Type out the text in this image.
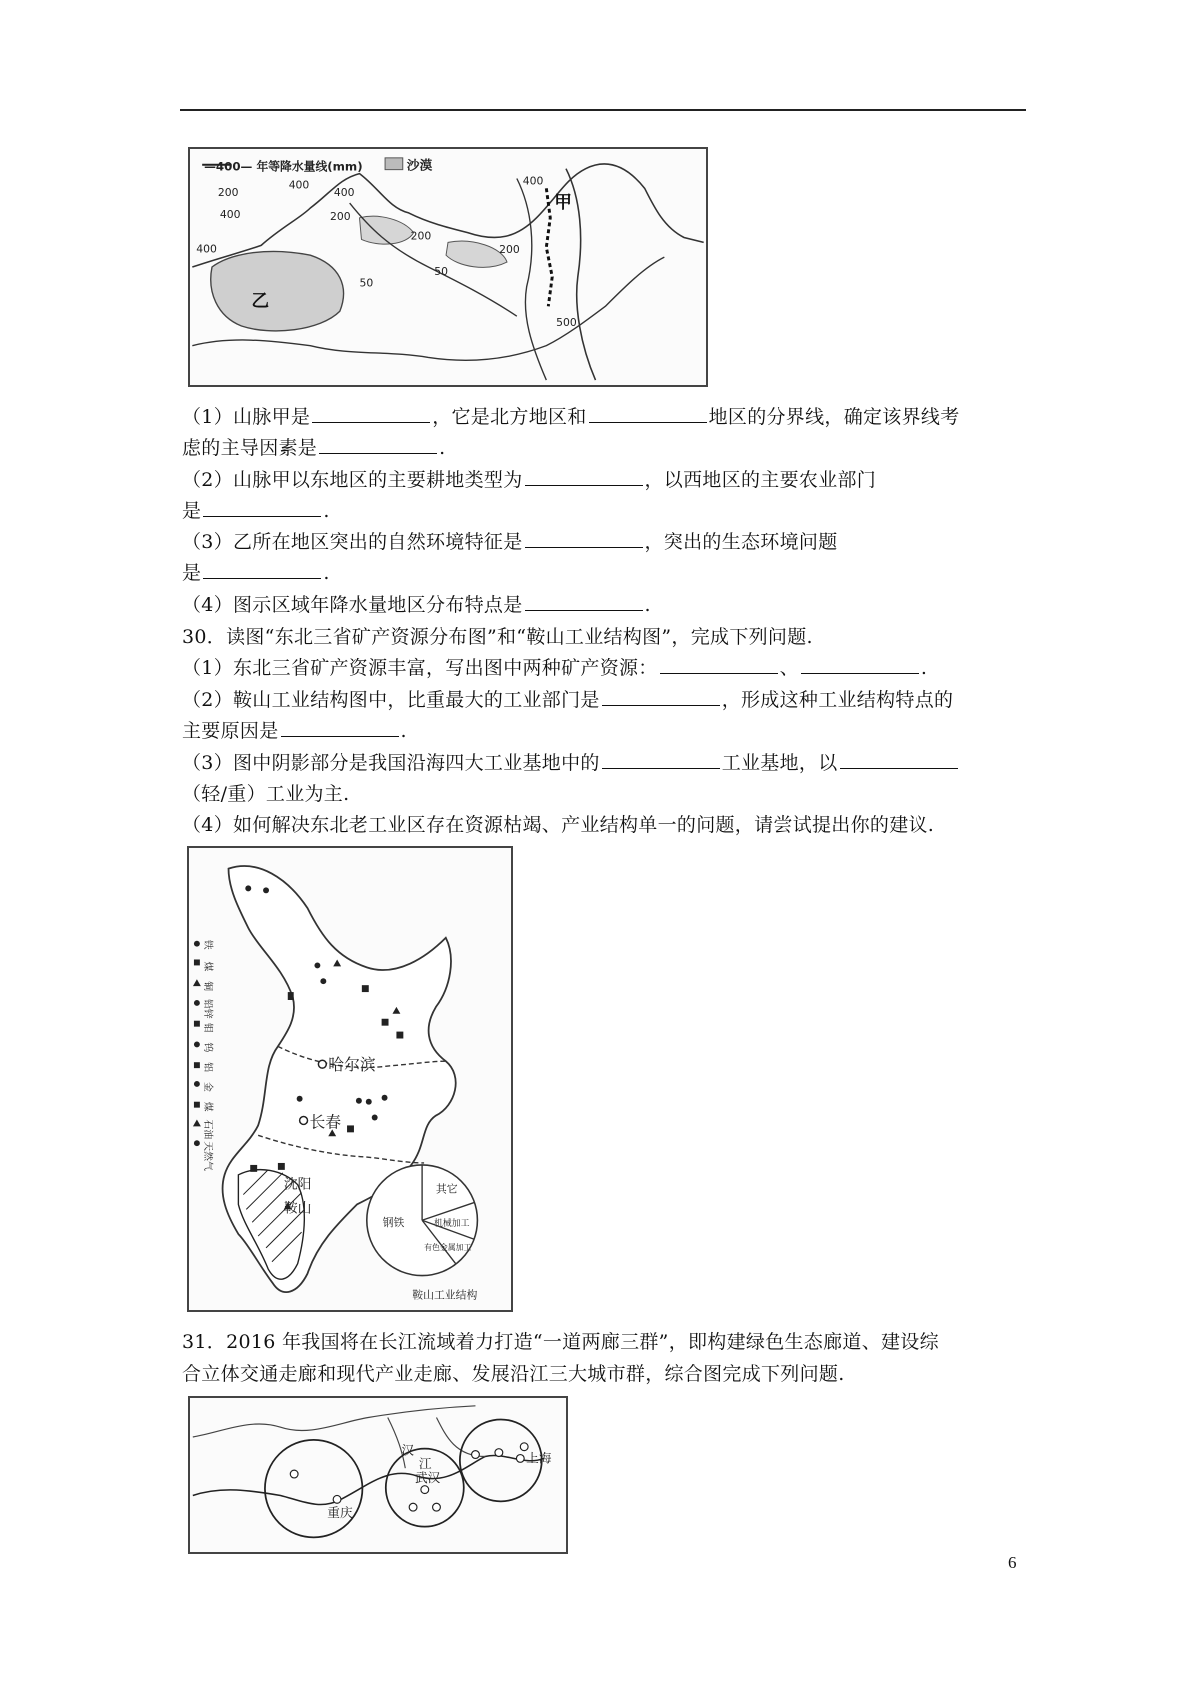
—400— 年等降水量线(mm)	沙漠
甲
乙
400
200
400	200
400
400	200
50
50
200
500
400
（1）山脉甲是	，它是北方地区和	地区的分界线，确定该界线考
虑的主导因素是	.
（2）山脉甲以东地区的主要耕地类型为	，以西地区的主要农业部门
是	.
（3）乙所在地区突出的自然环境特征是	，突出的生态环境问题
是	.
（4）图示区域年降水量地区分布特点是	.
30．读图“东北三省矿产资源分布图”和“鞍山工业结构图”，完成下列问题.
（1）东北三省矿产资源丰富，写出图中两种矿产资源：	、	.
（2）鞍山工业结构图中，比重最大的工业部门是	，形成这种工业结构特点的
主要原因是	.
（3）图中阴影部分是我国沿海四大工业基地中的	工业基地，以
（轻/重）工业为主.
（4）如何解决东北老工业区存在资源枯竭、产业结构单一的问题，请尝试提出你的建议.
铁
煤
铜
铅锌
钼
钨
铝
金
煤
石油
天然气
哈尔滨
长春
沈阳
鞍山
其它
钢铁	机械加工
有色金属加工
鞍山工业结构
31．2016 年我国将在长江流域着力打造“一道两廊三群”，即构建绿色生态廊道、建设综
合立体交通走廊和现代产业走廊、发展沿江三大城市群，综合图完成下列问题.
重庆
武汉
上海
汉
江
6
